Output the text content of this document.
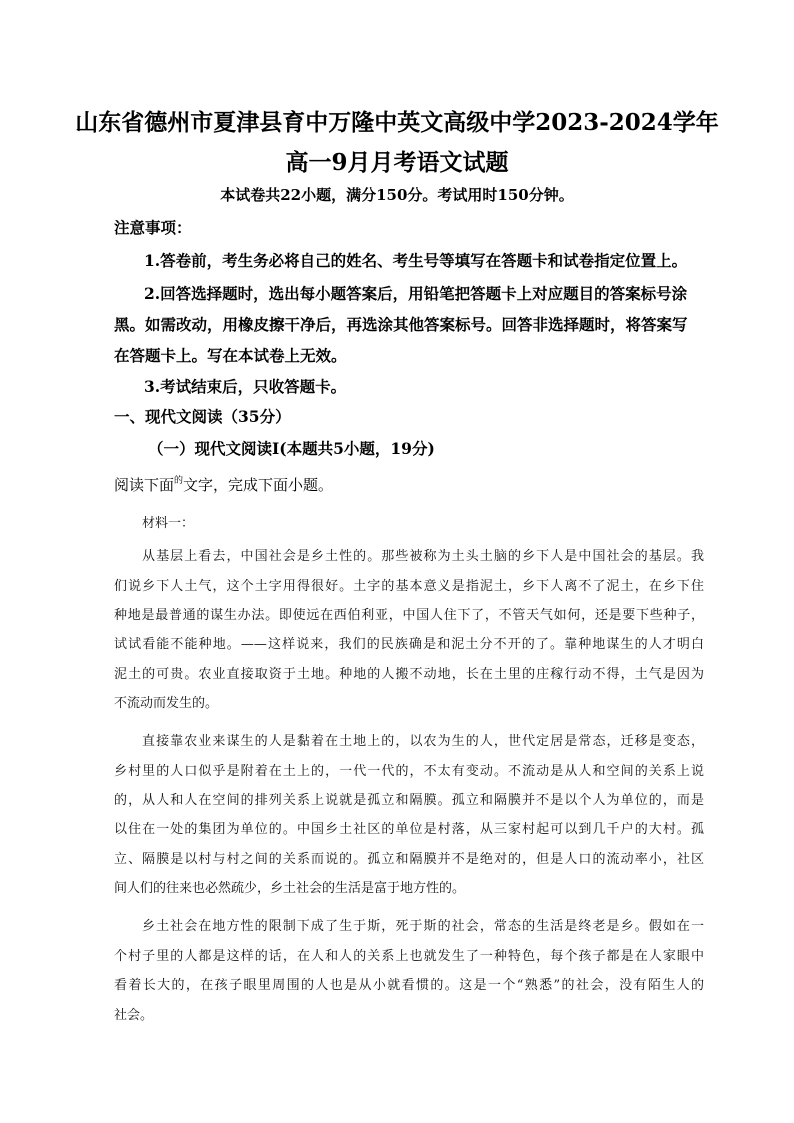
山东省德州市夏津县育中万隆中英文高级中学2023-2024学年
高一9月月考语文试题
本试卷共22小题，满分150分。考试用时150分钟。
注意事项：
1.答卷前，考生务必将自己的姓名、考生号等填写在答题卡和试卷指定位置上。
2.回答选择题时，选出每小题答案后，用铅笔把答题卡上对应题目的答案标号涂
黑。如需改动，用橡皮擦干净后，再选涂其他答案标号。回答非选择题时，将答案写
在答题卡上。写在本试卷上无效。
3.考试结束后，只收答题卡。
一、现代文阅读（35分）
（一）现代文阅读Ⅰ(本题共5小题，19分)
阅读下面$^的$文字，完成下面小题。
材料一：
从基层上看去，中国社会是乡土性的。那些被称为土头土脑的乡下人是中国社会的基层。我
们说乡下人土气，这个土字用得很好。土字的基本意义是指泥土，乡下人离不了泥土，在乡下住
种地是最普通的谋生办法。即使远在西伯利亚，中国人住下了，不管天气如何，还是要下些种子，
试试看能不能种地。——这样说来，我们的民族确是和泥土分不开的了。靠种地谋生的人才明白
泥土的可贵。农业直接取资于土地。种地的人搬不动地，长在土里的庄稼行动不得，土气是因为
不流动而发生的。
直接靠农业来谋生的人是黏着在土地上的，以农为生的人，世代定居是常态，迁移是变态，
乡村里的人口似乎是附着在土上的，一代一代的，不太有变动。不流动是从人和空间的关系上说
的，从人和人在空间的排列关系上说就是孤立和隔膜。孤立和隔膜并不是以个人为单位的，而是
以住在一处的集团为单位的。中国乡土社区的单位是村落，从三家村起可以到几千户的大村。孤
立、隔膜是以村与村之间的关系而说的。孤立和隔膜并不是绝对的，但是人口的流动率小，社区
间人们的往来也必然疏少，乡土社会的生活是富于地方性的。
乡土社会在地方性的限制下成了生于斯，死于斯的社会，常态的生活是终老是乡。假如在一
个村子里的人都是这样的话，在人和人的关系上也就发生了一种特色，每个孩子都是在人家眼中
看着长大的，在孩子眼里周围的人也是从小就看惯的。这是一个“熟悉”的社会，没有陌生人的
社会。
